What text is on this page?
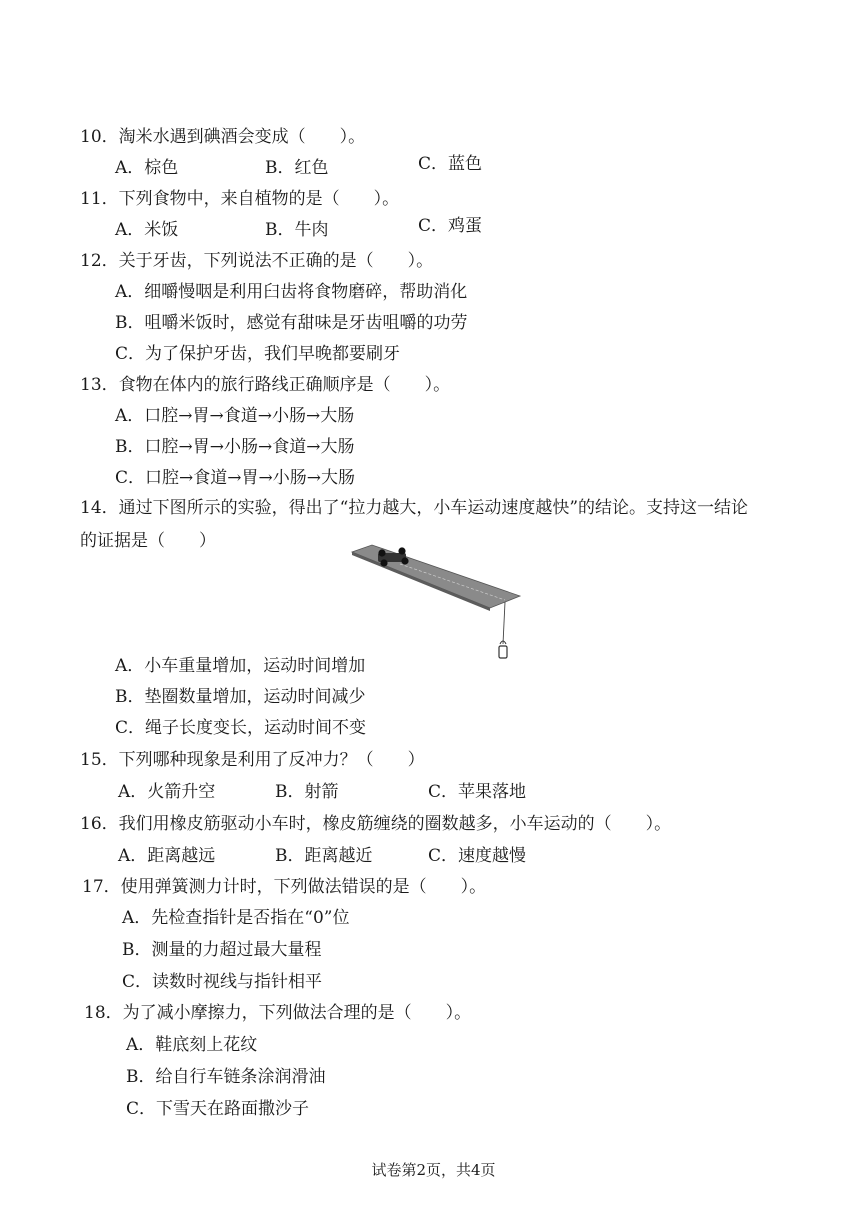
10．淘米水遇到碘酒会变成（　　）。
A．棕色	B．红色	C．蓝色
11．下列食物中，来自植物的是（　　）。
A．米饭	B．牛肉	C．鸡蛋
12．关于牙齿，下列说法不正确的是（　　）。
A．细嚼慢咽是利用臼齿将食物磨碎，帮助消化
B．咀嚼米饭时，感觉有甜味是牙齿咀嚼的功劳
C．为了保护牙齿，我们早晚都要刷牙
13．食物在体内的旅行路线正确顺序是（　　）。
A．口腔→胃→食道→小肠→大肠
B．口腔→胃→小肠→食道→大肠
C．口腔→食道→胃→小肠→大肠
14．通过下图所示的实验，得出了“拉力越大，小车运动速度越快”的结论。支持这一结论
的证据是（　　）
A．小车重量增加，运动时间增加
B．垫圈数量增加，运动时间减少
C．绳子长度变长，运动时间不变
15．下列哪种现象是利用了反冲力？（　　）
A．火箭升空	B．射箭	C．苹果落地
16．我们用橡皮筋驱动小车时，橡皮筋缠绕的圈数越多，小车运动的（　　）。
A．距离越远	B．距离越近	C．速度越慢
17．使用弹簧测力计时，下列做法错误的是（　　）。
A．先检查指针是否指在“0”位
B．测量的力超过最大量程
C．读数时视线与指针相平
18．为了减小摩擦力，下列做法合理的是（　　）。
A．鞋底刻上花纹
B．给自行车链条涂润滑油
C．下雪天在路面撒沙子
试卷第2页，共4页
